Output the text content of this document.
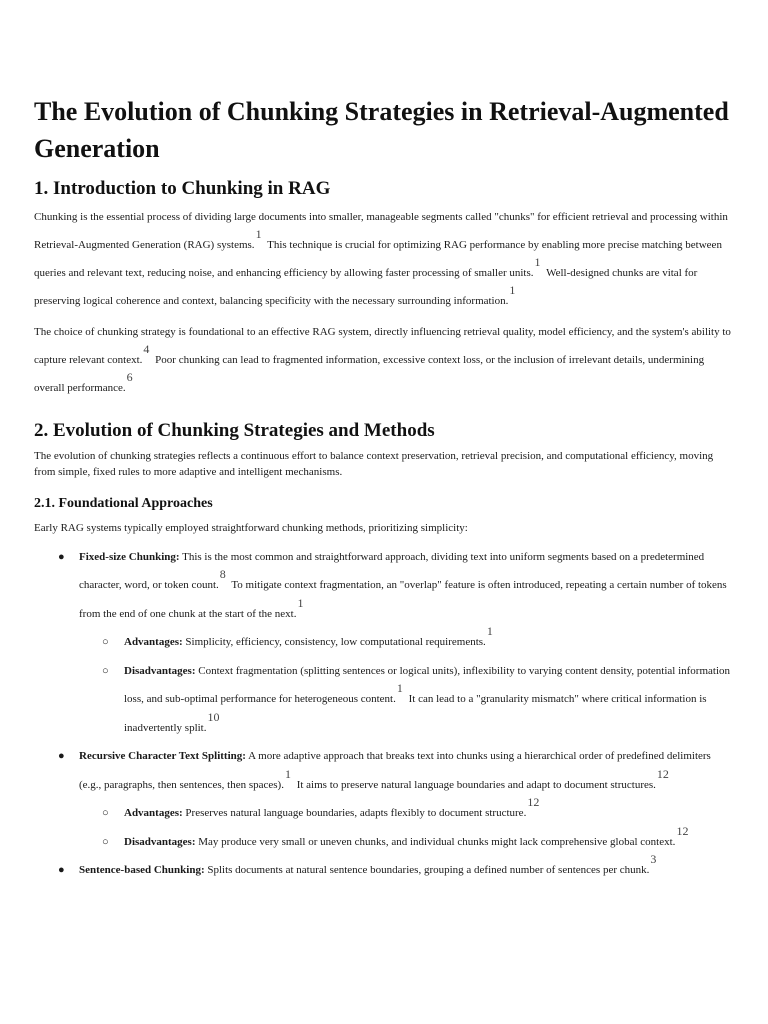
The Evolution of Chunking Strategies in Retrieval-Augmented Generation
1. Introduction to Chunking in RAG

Chunking is the essential process of dividing large documents into smaller, manageable segments called "chunks" for efficient retrieval and processing within Retrieval-Augmented Generation (RAG) systems.$^1$ This technique is crucial for optimizing RAG performance by enabling more precise matching between queries and relevant text, reducing noise, and enhancing efficiency by allowing faster processing of smaller units.$^1$ Well-designed chunks are vital for preserving logical coherence and context, balancing specificity with the necessary surrounding information.$^1$

The choice of chunking strategy is foundational to an effective RAG system, directly influencing retrieval quality, model efficiency, and the system's ability to capture relevant context.$^4$ Poor chunking can lead to fragmented information, excessive context loss, or the inclusion of irrelevant details, undermining overall performance.$^6$

2. Evolution of Chunking Strategies and Methods

The evolution of chunking strategies reflects a continuous effort to balance context preservation, retrieval precision, and computational efficiency, moving from simple, fixed rules to more adaptive and intelligent mechanisms.

2.1. Foundational Approaches

Early RAG systems typically employed straightforward chunking methods, prioritizing simplicity:

● Fixed-size Chunking: This is the most common and straightforward approach, dividing text into uniform segments based on a predetermined character, word, or token count.$^8$ To mitigate context fragmentation, an "overlap" feature is often introduced, repeating a certain number of tokens from the end of one chunk at the start of the next.$^1$
○ Advantages: Simplicity, efficiency, consistency, low computational requirements.$^1$
○ Disadvantages: Context fragmentation (splitting sentences or logical units), inflexibility to varying content density, potential information loss, and sub-optimal performance for heterogeneous content.$^1$ It can lead to a "granularity mismatch" where critical information is inadvertently split.$^{10}$
● Recursive Character Text Splitting: A more adaptive approach that breaks text into chunks using a hierarchical order of predefined delimiters (e.g., paragraphs, then sentences, then spaces).$^1$ It aims to preserve natural language boundaries and adapt to document structures.$^{12}$
○ Advantages: Preserves natural language boundaries, adapts flexibly to document structure.$^{12}$
○ Disadvantages: May produce very small or uneven chunks, and individual chunks might lack comprehensive global context.$^{12}$
● Sentence-based Chunking: Splits documents at natural sentence boundaries, grouping a defined number of sentences per chunk.$^3$
